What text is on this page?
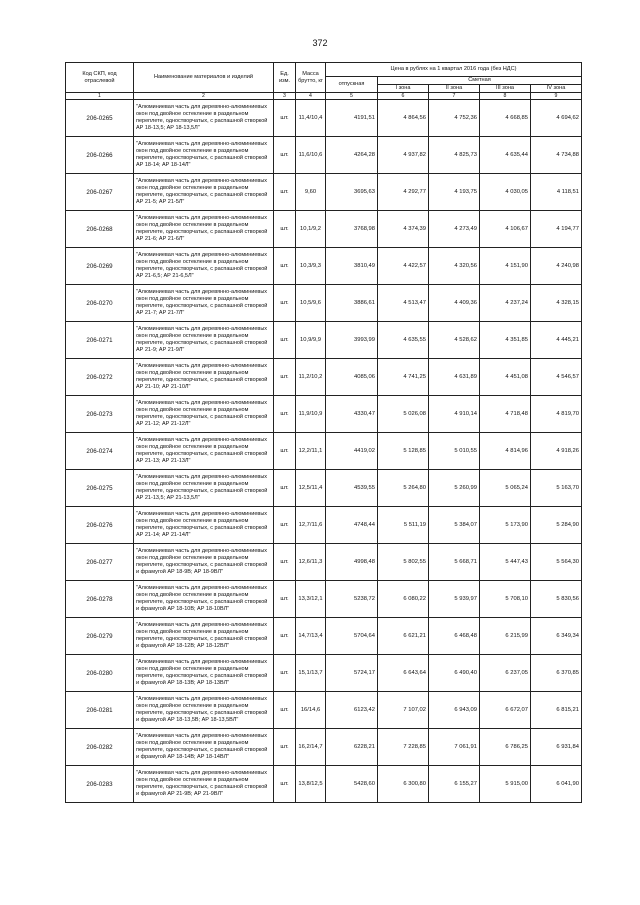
372
Код СКП, код отраслевой	Наименование материалов и изделий	Ед. изм.	Масса брутто, кг	Цена в рублях на 1 квартал 2016 года (без НДС)				
				отпускная	Сметная			
					I зона	II зона	III зона	IV зона
1	2	3	4	5	6	7	8	9
206-0265	"Алюминиевая часть для деревянно-алюминиевых окон под двойное остекление в раздельном переплете, одностворчатых, с распашной створкой АР 18-13,5; АР 18-13,5Л"	шт.	11,4/10,4	4191,51	4 864,56	4 752,36	4 668,85	4 694,62
206-0266	"Алюминиевая часть для деревянно-алюминиевых окон под двойное остекление в раздельном переплете, одностворчатых, с распашной створкой АР 18-14; АР 18-14Л"	шт.	11,6/10,6	4264,28	4 937,82	4 825,73	4 635,44	4 734,88
206-0267	"Алюминиевая часть для деревянно-алюминиевых окон под двойное остекление в раздельном переплете, одностворчатых, с распашной створкой АР 21-5; АР 21-5Л"	шт.	9,60	3695,63	4 292,77	4 193,75	4 030,05	4 118,51
206-0268	"Алюминиевая часть для деревянно-алюминиевых окон под двойное остекление в раздельном переплете, одностворчатых, с распашной створкой АР 21-6; АР 21-6Л"	шт.	10,1/9,2	3768,98	4 374,39	4 273,49	4 106,67	4 194,77
206-0269	"Алюминиевая часть для деревянно-алюминиевых окон под двойное остекление в раздельном переплете, одностворчатых, с распашной створкой АР 21-6,5; АР 21-6,5Л"	шт.	10,3/9,3	3810,49	4 422,57	4 320,56	4 151,90	4 240,98
206-0270	"Алюминиевая часть для деревянно-алюминиевых окон под двойное остекление в раздельном переплете, одностворчатых, с распашной створкой АР 21-7; АР 21-7Л"	шт.	10,5/9,6	3886,61	4 513,47	4 409,36	4 237,24	4 328,15
206-0271	"Алюминиевая часть для деревянно-алюминиевых окон под двойное остекление в раздельном переплете, одностворчатых, с распашной створкой АР 21-9; АР 21-9Л"	шт.	10,9/9,9	3993,99	4 635,55	4 528,62	4 351,85	4 445,21
206-0272	"Алюминиевая часть для деревянно-алюминиевых окон под двойное остекление в раздельном переплете, одностворчатых, с распашной створкой АР 21-10; АР 21-10Л"	шт.	11,2/10,2	4085,06	4 741,25	4 631,89	4 451,08	4 546,57
206-0273	"Алюминиевая часть для деревянно-алюминиевых окон под двойное остекление в раздельном переплете, одностворчатых, с распашной створкой АР 21-12; АР 21-12Л"	шт.	11,9/10,9	4330,47	5 026,08	4 910,14	4 718,48	4 819,70
206-0274	"Алюминиевая часть для деревянно-алюминиевых окон под двойное остекление в раздельном переплете, одностворчатых, с распашной створкой АР 21-13; АР 21-13Л"	шт.	12,2/11,1	4419,02	5 128,85	5 010,55	4 814,96	4 918,26
206-0275	"Алюминиевая часть для деревянно-алюминиевых окон под двойное остекление в раздельном переплете, одностворчатых, с распашной створкой АР 21-13,5; АР 21-13,5Л"	шт.	12,5/11,4	4539,55	5 264,80	5 260,99	5 065,24	5 163,70
206-0276	"Алюминиевая часть для деревянно-алюминиевых окон под двойное остекление в раздельном переплете, одностворчатых, с распашной створкой АР 21-14; АР 21-14Л"	шт.	12,7/11,6	4748,44	5 511,19	5 384,07	5 173,90	5 284,90
206-0277	"Алюминиевая часть для деревянно-алюминиевых окон под двойное остекление в раздельном переплете, одностворчатых, с распашной створкой и фрамугой АР 18-9В; АР 18-9ВЛ"	шт.	12,6/11,3	4998,48	5 802,55	5 668,71	5 447,43	5 564,30
206-0278	"Алюминиевая часть для деревянно-алюминиевых окон под двойное остекление в раздельном переплете, одностворчатых, с распашной створкой и фрамугой АР 18-10В; АР 18-10ВЛ"	шт.	13,3/12,1	5238,72	6 080,22	5 939,97	5 708,10	5 830,56
206-0279	"Алюминиевая часть для деревянно-алюминиевых окон под двойное остекление в раздельном переплете, одностворчатых, с распашной створкой и фрамугой АР 18-12В; АР 18-12ВЛ"	шт.	14,7/13,4	5704,64	6 621,21	6 468,48	6 215,99	6 349,34
206-0280	"Алюминиевая часть для деревянно-алюминиевых окон под двойное остекление в раздельном переплете, одностворчатых, с распашной створкой и фрамугой АР 18-13В; АР 18-13ВЛ"	шт.	15,1/13,7	5724,17	6 643,64	6 490,40	6 237,05	6 370,85
206-0281	"Алюминиевая часть для деревянно-алюминиевых окон под двойное остекление в раздельном переплете, одностворчатых, с распашной створкой и фрамугой АР 18-13,5В; АР 18-13,5ВЛ"	шт.	16/14,6	6123,42	7 107,02	6 943,09	6 672,07	6 815,21
206-0282	"Алюминиевая часть для деревянно-алюминиевых окон под двойное остекление в раздельном переплете, одностворчатых, с распашной створкой и фрамугой АР 18-14В; АР 18-14ВЛ"	шт.	16,2/14,7	6228,21	7 228,85	7 061,91	6 786,25	6 931,84
206-0283	"Алюминиевая часть для деревянно-алюминиевых окон под двойное остекление в раздельном переплете, одностворчатых, с распашной створкой и фрамугой АР 21-9В; АР 21-9ВЛ"	шт.	13,8/12,5	5428,60	6 300,80	6 155,27	5 915,00	6 041,90
